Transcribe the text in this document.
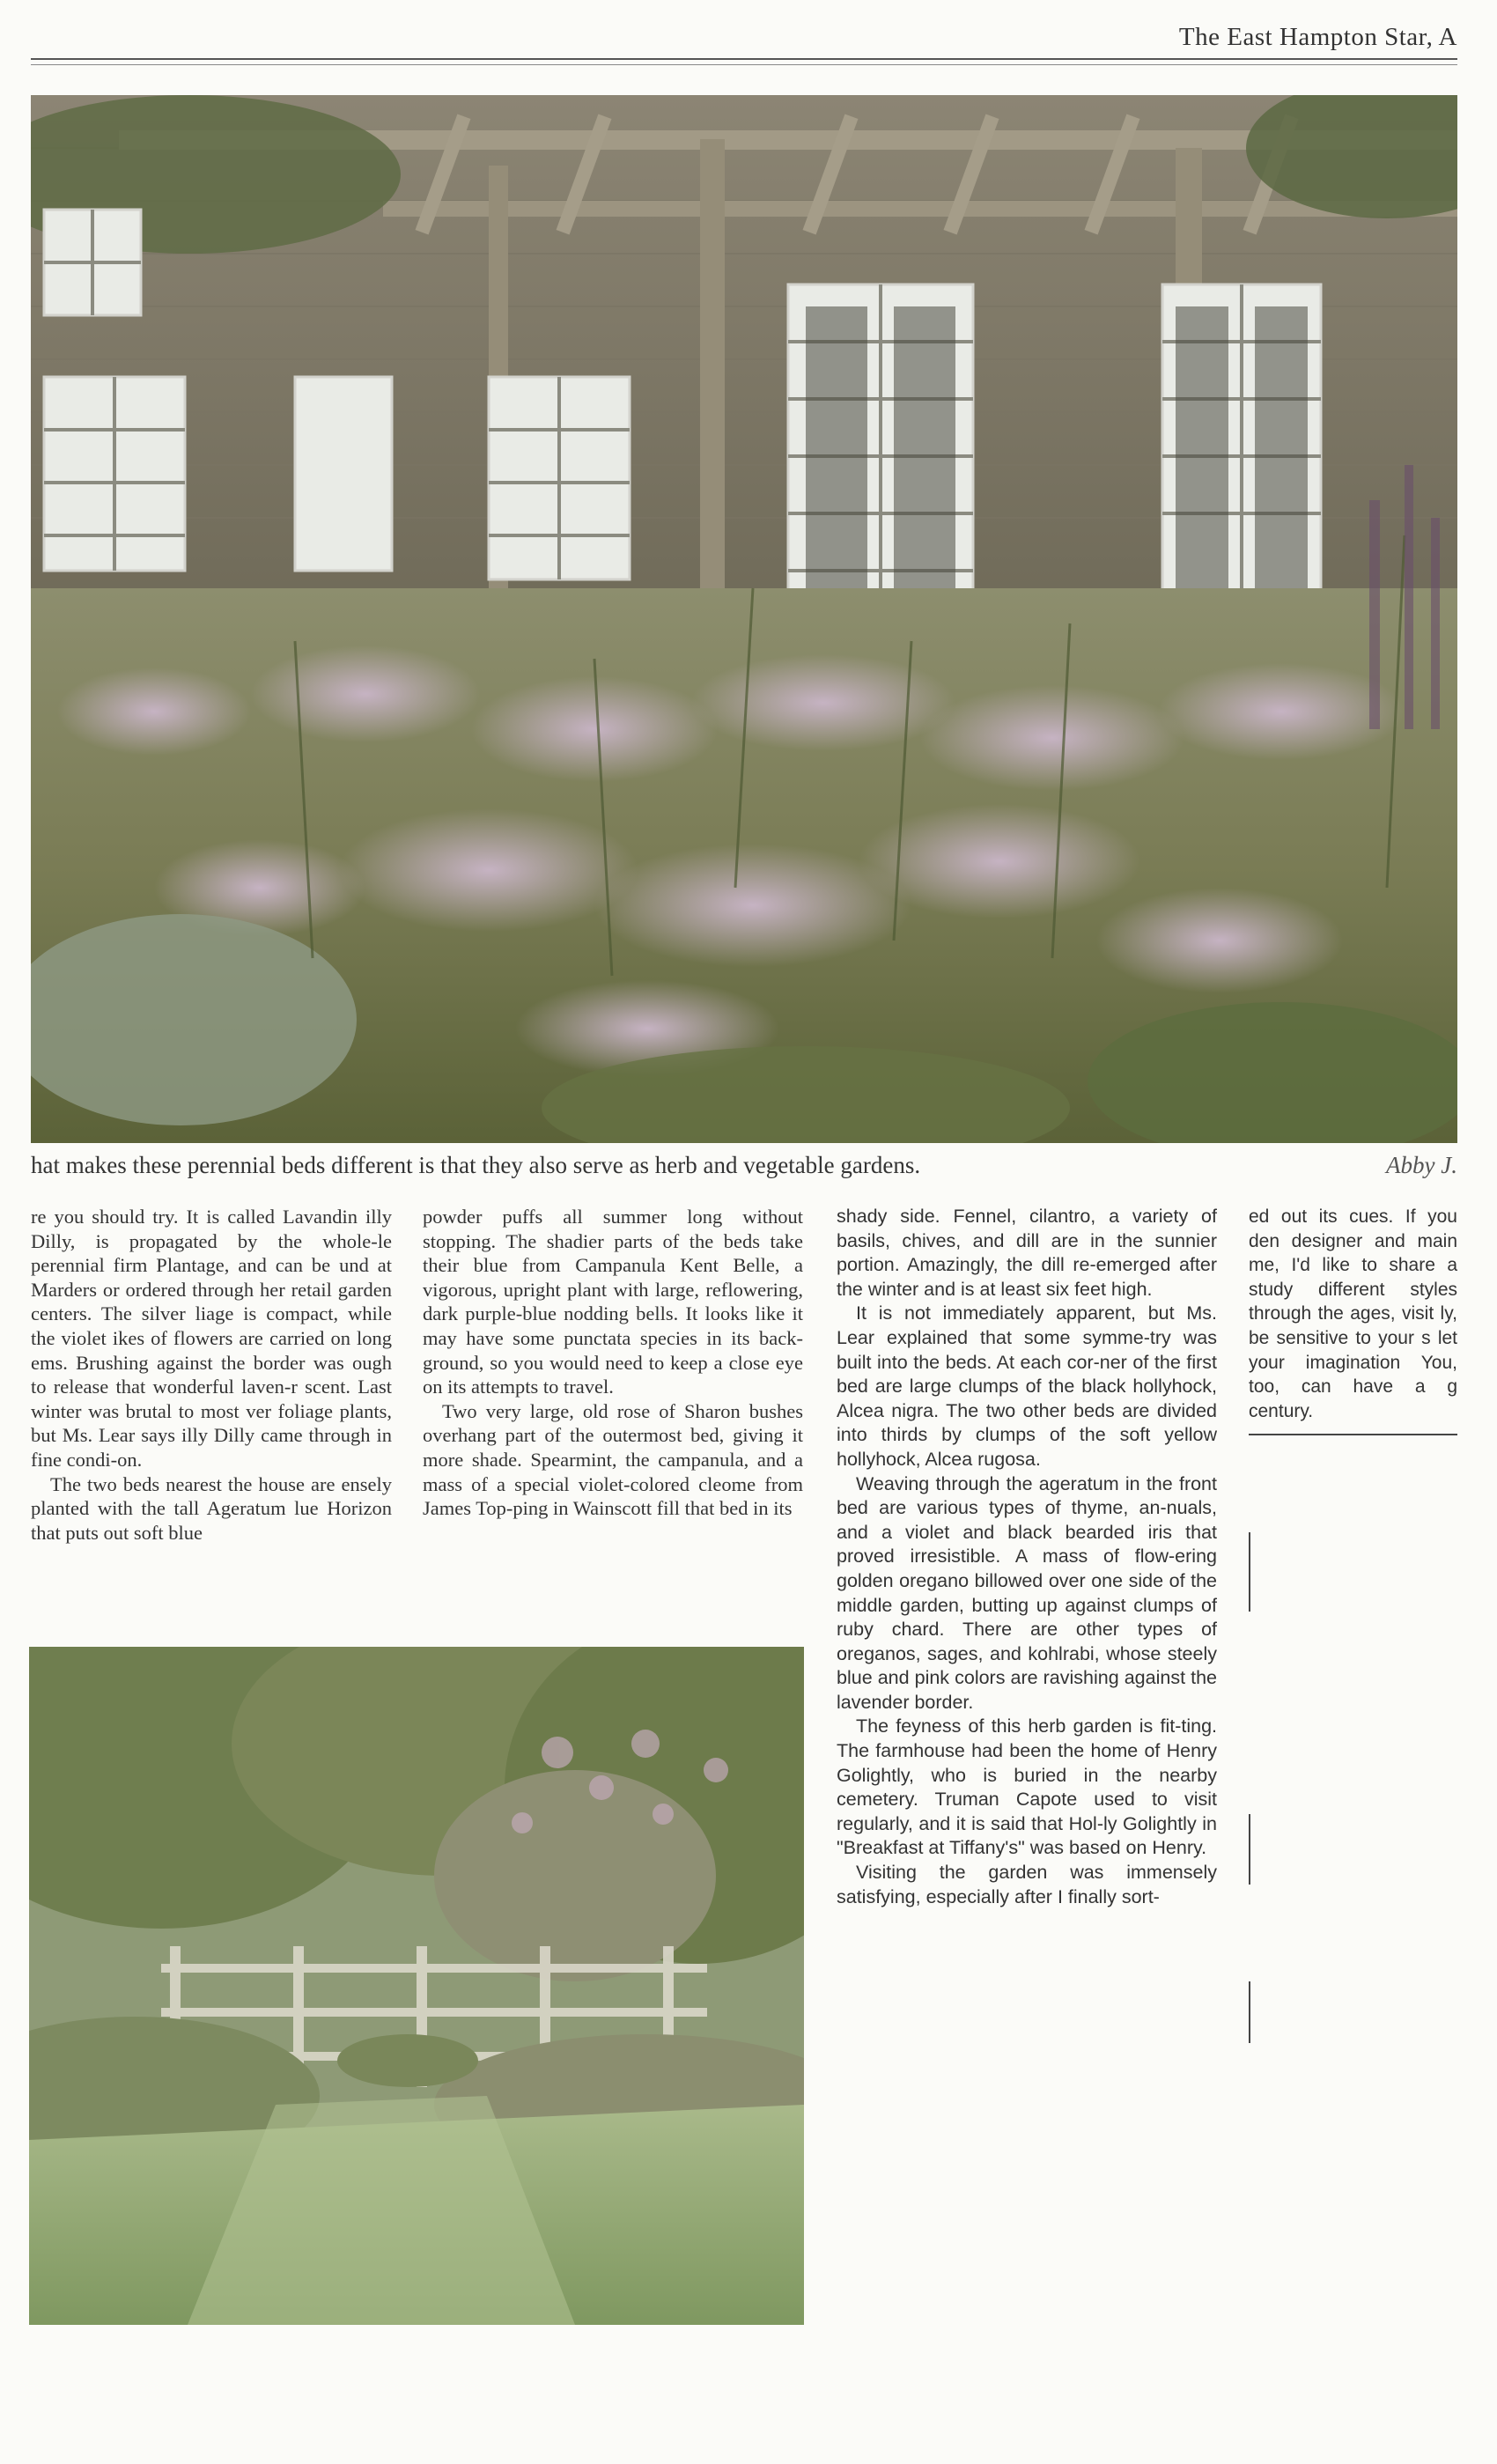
The East Hampton Star, A
hat makes these perennial beds different is that they also serve as herb and vegetable gardens.	Abby J.

re you should try. It is called Lavandin illy Dilly, is propagated by the whole-le perennial firm Plantage, and can be und at Marders or ordered through her retail garden centers. The silver liage is compact, while the violet ikes of flowers are carried on long ems. Brushing against the border was ough to release that wonderful laven-r scent. Last winter was brutal to most ver foliage plants, but Ms. Lear says illy Dilly came through in fine condi-on.

The two beds nearest the house are ensely planted with the tall Ageratum lue Horizon that puts out soft blue

powder puffs all summer long without stopping. The shadier parts of the beds take their blue from Campanula Kent Belle, a vigorous, upright plant with large, reflowering, dark purple-blue nodding bells. It looks like it may have some punctata species in its back-ground, so you would need to keep a close eye on its attempts to travel.

Two very large, old rose of Sharon bushes overhang part of the outermost bed, giving it more shade. Spearmint, the campanula, and a mass of a special violet-colored cleome from James Top-ping in Wainscott fill that bed in its

shady side. Fennel, cilantro, a variety of basils, chives, and dill are in the sunnier portion. Amazingly, the dill re-emerged after the winter and is at least six feet high.

It is not immediately apparent, but Ms. Lear explained that some symme-try was built into the beds. At each cor-ner of the first bed are large clumps of the black hollyhock, Alcea nigra. The two other beds are divided into thirds by clumps of the soft yellow hollyhock, Alcea rugosa.

Weaving through the ageratum in the front bed are various types of thyme, an-nuals, and a violet and black bearded iris that proved irresistible. A mass of flow-ering golden oregano billowed over one side of the middle garden, butting up against clumps of ruby chard. There are other types of oreganos, sages, and kohlrabi, whose steely blue and pink colors are ravishing against the lavender border.

The feyness of this herb garden is fit-ting. The farmhouse had been the home of Henry Golightly, who is buried in the nearby cemetery. Truman Capote used to visit regularly, and it is said that Hol-ly Golightly in "Breakfast at Tiffany's" was based on Henry.

Visiting the garden was immensely satisfying, especially after I finally sort-

ed out its cues. If you den designer and main me, I'd like to share a study different styles through the ages, visit ly, be sensitive to your s let your imagination You, too, can have a g century.
